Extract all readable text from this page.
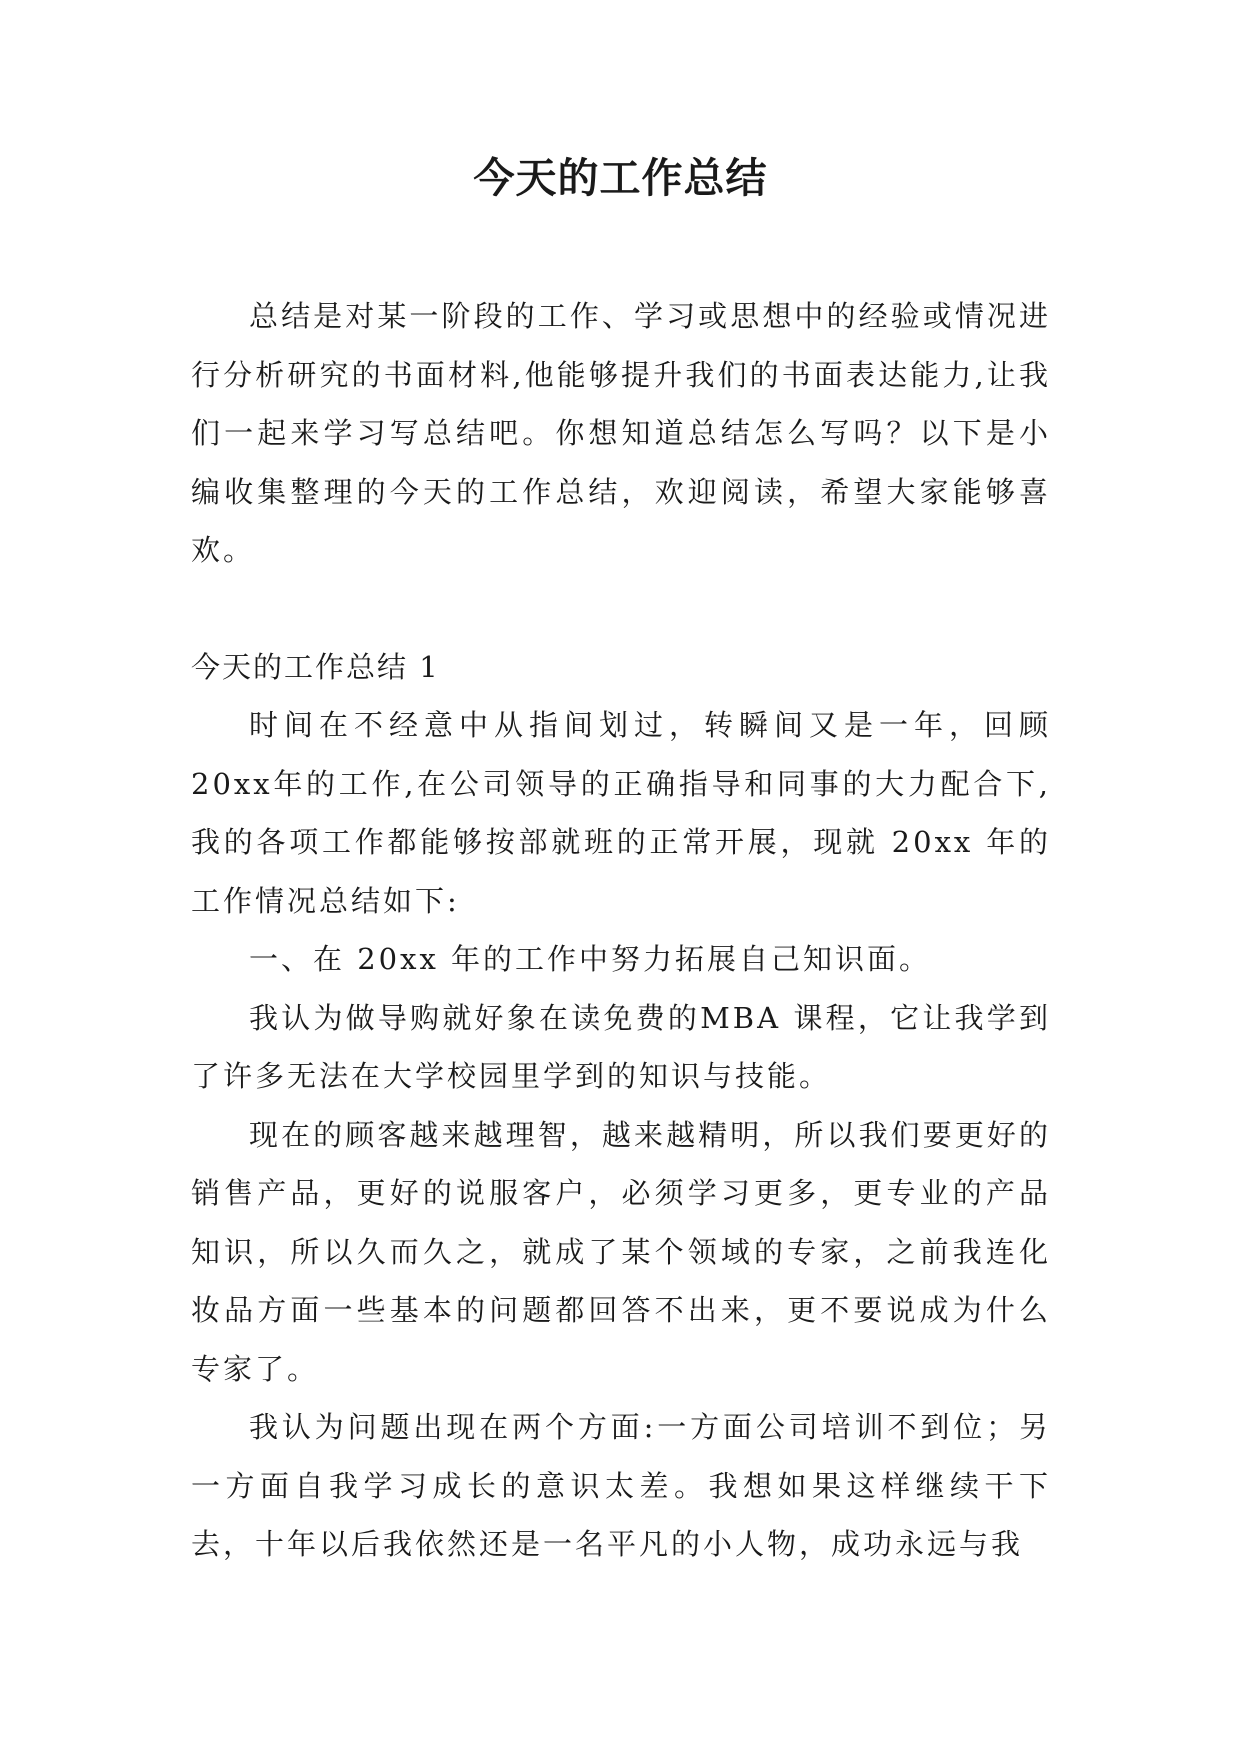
今天的工作总结

总结是对某一阶段的工作、学习或思想中的经验或情况进行分析研究的书面材料,他能够提升我们的书面表达能力,让我们一起来学习写总结吧。你想知道总结怎么写吗？以下是小编收集整理的今天的工作总结，欢迎阅读，希望大家能够喜欢。

今天的工作总结 1

时间在不经意中从指间划过，转瞬间又是一年，回顾20xx年的工作,在公司领导的正确指导和同事的大力配合下,我的各项工作都能够按部就班的正常开展，现就 20xx 年的工作情况总结如下:

一、在 20xx 年的工作中努力拓展自己知识面。

我认为做导购就好象在读免费的MBA 课程，它让我学到了许多无法在大学校园里学到的知识与技能。

现在的顾客越来越理智，越来越精明，所以我们要更好的销售产品，更好的说服客户，必须学习更多，更专业的产品知识，所以久而久之，就成了某个领域的专家，之前我连化妆品方面一些基本的问题都回答不出来，更不要说成为什么专家了。

我认为问题出现在两个方面:一方面公司培训不到位；另一方面自我学习成长的意识太差。我想如果这样继续干下去，十年以后我依然还是一名平凡的小人物，成功永远与我
